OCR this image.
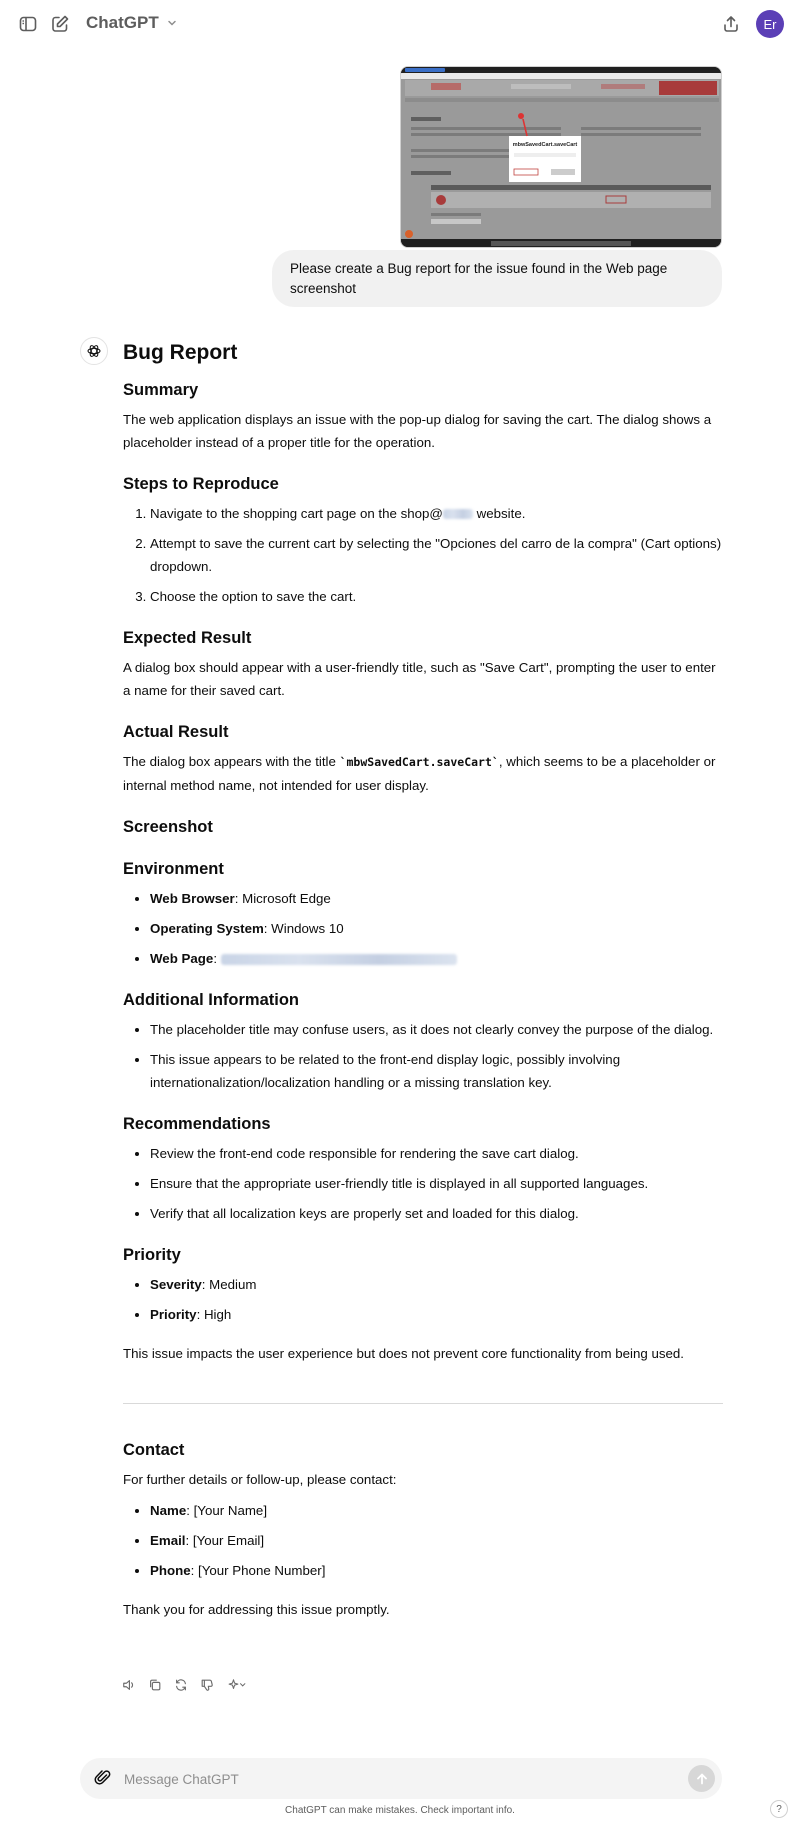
ChatGPT	Er
mbwSavedCart.saveCart
Please create a Bug report for the issue found in the Web page screenshot
Bug Report
Summary

The web application displays an issue with the pop-up dialog for saving the cart. The dialog shows a placeholder instead of a proper title for the operation.

Steps to Reproduce
1. Navigate to the shopping cart page on the shop@ website.
2. Attempt to save the current cart by selecting the "Opciones del carro de la compra" (Cart options) dropdown.
3. Choose the option to save the cart.
Expected Result

A dialog box should appear with a user-friendly title, such as "Save Cart", prompting the user to enter a name for their saved cart.

Actual Result

The dialog box appears with the title `mbwSavedCart.saveCart`, which seems to be a placeholder or internal method name, not intended for user display.

Screenshot
Environment
• Web Browser: Microsoft Edge
• Operating System: Windows 10
• Web Page:
Additional Information
• The placeholder title may confuse users, as it does not clearly convey the purpose of the dialog.
• This issue appears to be related to the front-end display logic, possibly involving internationalization/localization handling or a missing translation key.
Recommendations
• Review the front-end code responsible for rendering the save cart dialog.
• Ensure that the appropriate user-friendly title is displayed in all supported languages.
• Verify that all localization keys are properly set and loaded for this dialog.
Priority
• Severity: Medium
• Priority: High

This issue impacts the user experience but does not prevent core functionality from being used.

Contact

For further details or follow-up, please contact:

• Name: [Your Name]
• Email: [Your Email]
• Phone: [Your Phone Number]

Thank you for addressing this issue promptly.

Message ChatGPT
ChatGPT can make mistakes. Check important info.	?
